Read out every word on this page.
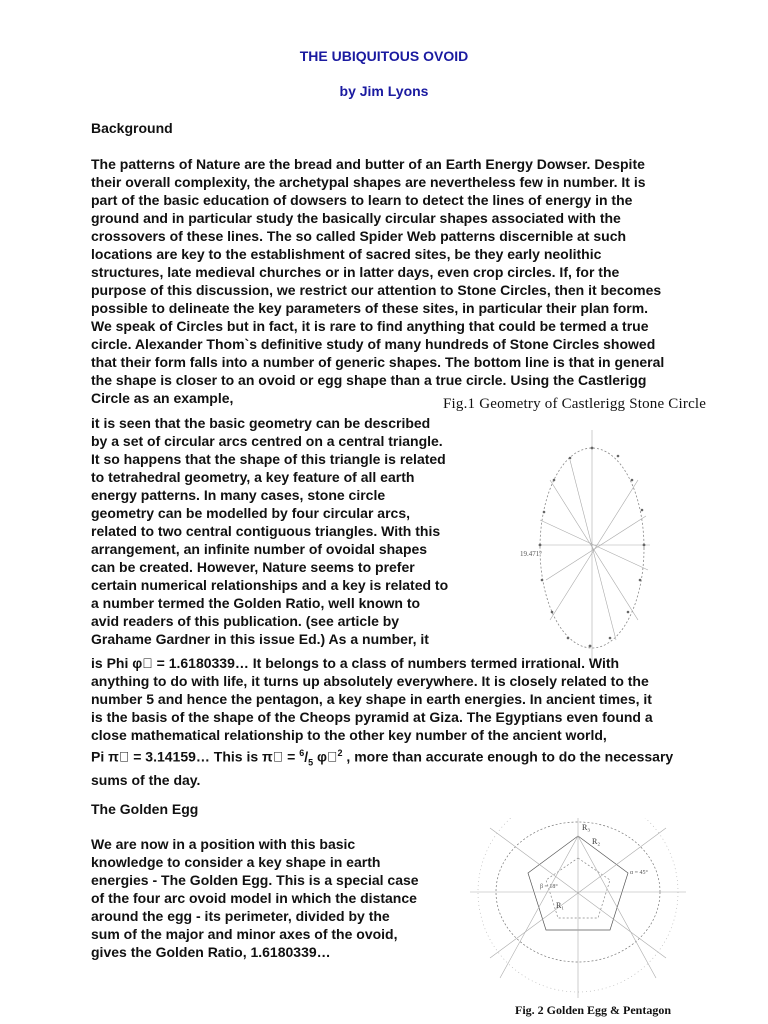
THE UBIQUITOUS OVOID
by Jim Lyons
Background
The patterns of Nature are the bread and butter of an Earth Energy Dowser. Despite
their overall complexity, the archetypal shapes are nevertheless few in number. It is
part of the basic education of dowsers to learn to detect the lines of energy in the
ground and in particular study the basically circular shapes associated with the
crossovers of these lines. The so called Spider Web patterns discernible at such
locations are key to the establishment of sacred sites, be they early neolithic
structures, late medieval churches or in latter days, even crop circles. If, for the
purpose of this discussion, we restrict our attention to Stone Circles, then it becomes
possible to delineate the key parameters of these sites, in particular their plan form.
We speak of Circles but in fact, it is rare to find anything that could be termed a true
circle. Alexander Thom`s definitive study of many hundreds of Stone Circles showed
that their form falls into a number of generic shapes. The bottom line is that in general
the shape is closer to an ovoid or egg shape than a true circle. Using the Castlerigg
Circle as an example,	Fig.1 Geometry of Castlerigg Stone Circle
19.471°
it is seen that the basic geometry can be described
by a set of circular arcs centred on a central triangle.
It so happens that the shape of this triangle is related
to tetrahedral geometry, a key feature of all earth
energy patterns. In many cases, stone circle
geometry can be modelled by four circular arcs,
related to two central contiguous triangles. With this
arrangement, an infinite number of ovoidal shapes
can be created. However, Nature seems to prefer
certain numerical relationships and a key is related to
a number termed the Golden Ratio, well known to
avid readers of this publication. (see article by
Grahame Gardner in this issue Ed.) As a number, it
is Phi φ  = 1.6180339… It belongs to a class of numbers termed irrational. With
anything to do with life, it turns up absolutely everywhere. It is closely related to the
number 5 and hence the pentagon, a key shape in earth energies. In ancient times, it
is the basis of the shape of the Cheops pyramid at Giza. The Egyptians even found a
close mathematical relationship to the other key number of the ancient world,
Pi π  = 3.14159… This is π  = $^6/_5$ φ $^2$ , more than accurate enough to do the necessary
sums of the day.
The Golden Egg
We are now in a position with this basic
knowledge to consider a key shape in earth
energies - The Golden Egg. This is a special case
of the four arc ovoid model in which the distance
around the egg - its perimeter, divided by the
sum of the major and minor axes of the ovoid,
gives the Golden Ratio, 1.6180339…
R₃
R₂
R₁
β = 18°
α = 45°
Fig. 2 Golden Egg & Pentagon
